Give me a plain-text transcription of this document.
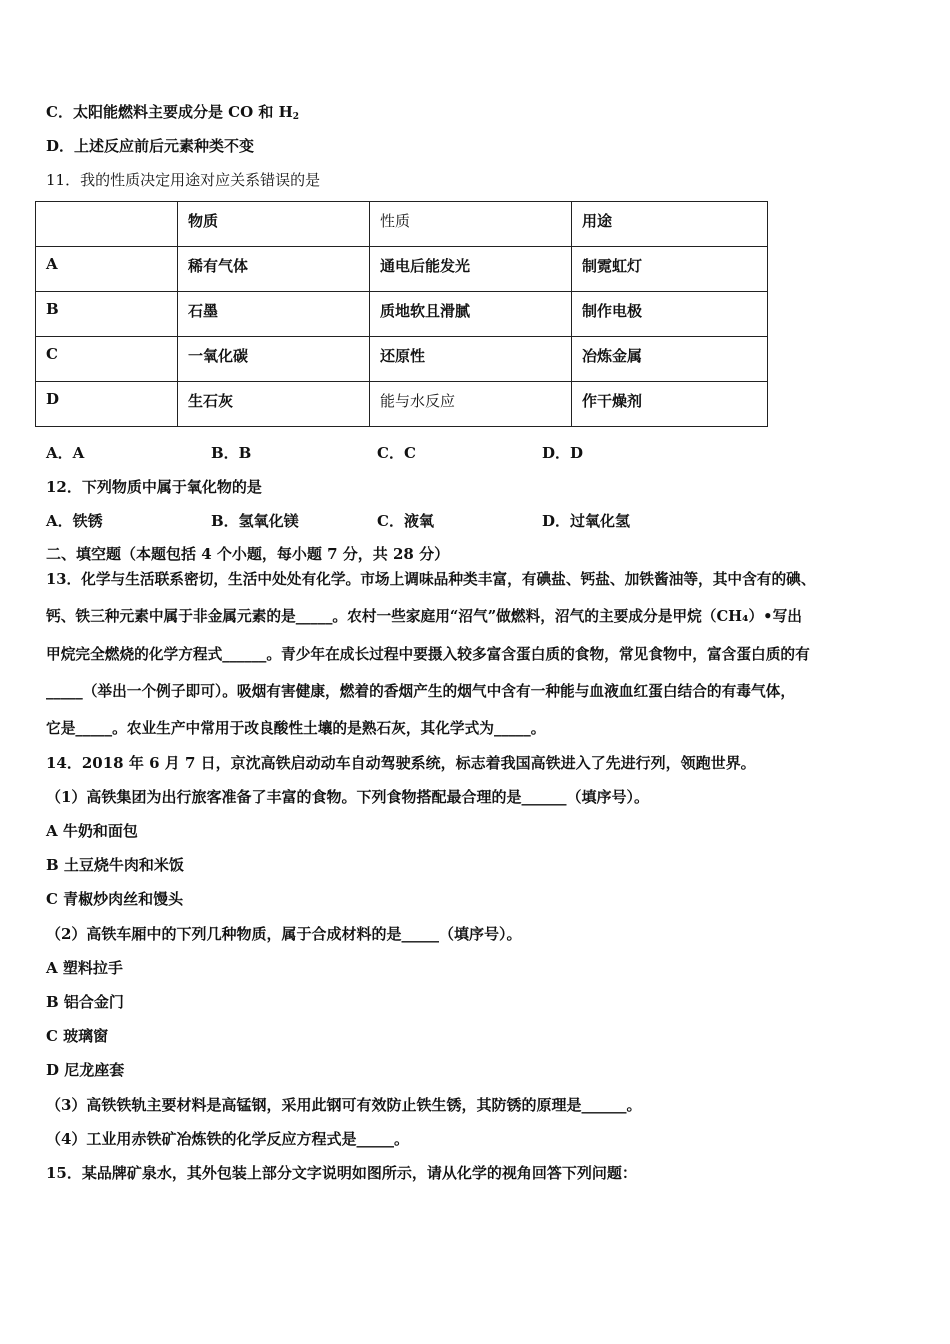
C．太阳能燃料主要成分是 CO 和 $H_2$
D．上述反应前后元素种类不变
11．我的性质决定用途对应关系错误的是
	物质	性质	用途
A	稀有气体	通电后能发光	制霓虹灯
B	石墨	质地软且滑腻	制作电极
C	一氧化碳	还原性	冶炼金属
D	生石灰	能与水反应	作干燥剂
A．A	B．B	C．C	D．D
12．下列物质中属于氧化物的是
A．铁锈	B．氢氧化镁	C．液氧	D．过氧化氢
二、填空题（本题包括 4 个小题，每小题 7 分，共 28 分）
13．化学与生活联系密切，生活中处处有化学。市场上调味品种类丰富，有碘盐、钙盐、加铁酱油等，其中含有的碘、
钙、铁三种元素中属于非金属元素的是_____。农村一些家庭用“沼气”做燃料，沼气的主要成分是甲烷（CH₄）•写出
甲烷完全燃烧的化学方程式______。青少年在成长过程中要摄入较多富含蛋白质的食物，常见食物中，富含蛋白质的有
_____（举出一个例子即可）。吸烟有害健康，燃着的香烟产生的烟气中含有一种能与血液血红蛋白结合的有毒气体，
它是_____。农业生产中常用于改良酸性土壤的是熟石灰，其化学式为_____。
14．2018 年 6 月 7 日，京沈高铁启动动车自动驾驶系统，标志着我国高铁进入了先进行列，领跑世界。
（1）高铁集团为出行旅客准备了丰富的食物。下列食物搭配最合理的是______（填序号）。
A 牛奶和面包
B 土豆烧牛肉和米饭
C 青椒炒肉丝和馒头
（2）高铁车厢中的下列几种物质，属于合成材料的是_____（填序号）。
A 塑料拉手
B 铝合金门
C 玻璃窗
D 尼龙座套
（3）高铁铁轨主要材料是高锰钢，采用此钢可有效防止铁生锈，其防锈的原理是______。
（4）工业用赤铁矿冶炼铁的化学反应方程式是_____。
15．某品牌矿泉水，其外包装上部分文字说明如图所示，请从化学的视角回答下列问题：
